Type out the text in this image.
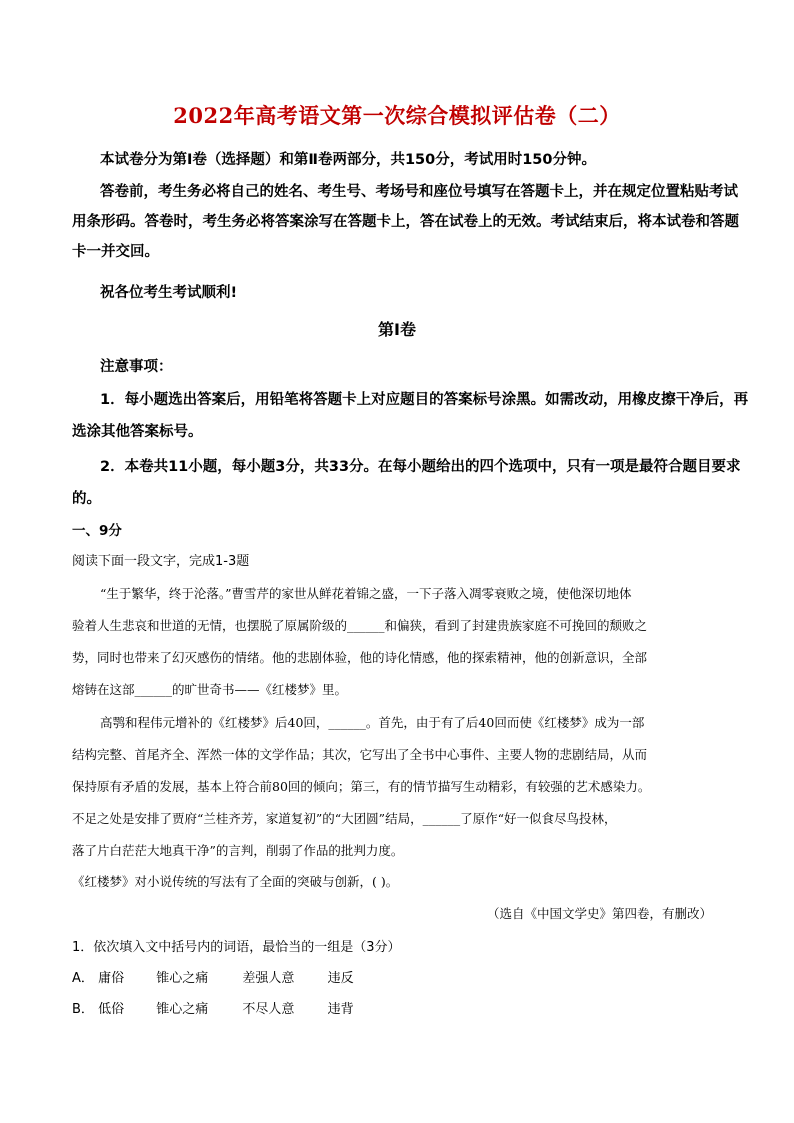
2022年高考语文第一次综合模拟评估卷（二）
本试卷分为第Ⅰ卷（选择题）和第Ⅱ卷两部分，共150分，考试用时150分钟。
答卷前，考生务必将自己的姓名、考生号、考场号和座位号填写在答题卡上，并在规定位置粘贴考试
用条形码。答卷时，考生务必将答案涂写在答题卡上，答在试卷上的无效。考试结束后，将本试卷和答题
卡一并交回。
祝各位考生考试顺利!
第Ⅰ卷
注意事项：
1．每小题选出答案后，用铅笔将答题卡上对应题目的答案标号涂黑。如需改动，用橡皮擦干净后，再
选涂其他答案标号。
2．本卷共11小题，每小题3分，共33分。在每小题给出的四个选项中，只有一项是最符合题目要求
的。
一、9分
阅读下面一段文字，完成1-3题
“生于繁华，终于沦落。”曹雪芹的家世从鲜花着锦之盛，一下子落入凋零衰败之境，使他深切地体
验着人生悲哀和世道的无情，也摆脱了原属阶级的______和偏狭，看到了封建贵族家庭不可挽回的颓败之
势，同时也带来了幻灭感伤的情绪。他的悲剧体验，他的诗化情感，他的探索精神，他的创新意识，全部
熔铸在这部______的旷世奇书——《红楼梦》里。
高鹗和程伟元增补的《红楼梦》后40回，______。首先，由于有了后40回而使《红楼梦》成为一部
结构完整、首尾齐全、浑然一体的文学作品；其次，它写出了全书中心事件、主要人物的悲剧结局，从而
保持原有矛盾的发展，基本上符合前80回的倾向；第三，有的情节描写生动精彩，有较强的艺术感染力。
不足之处是安排了贾府“兰桂齐芳，家道复初”的“大团圆”结局，______了原作“好一似食尽鸟投林，
落了片白茫茫大地真干净”的言判，削弱了作品的批判力度。
《红楼梦》对小说传统的写法有了全面的突破与创新，( )。
（选自《中国文学史》第四卷，有删改）
1．依次填入文中括号内的词语，最恰当的一组是（3分）
A． 庸俗 锥心之痛	差强人意	违反
B． 低俗 锥心之痛	不尽人意	违背
